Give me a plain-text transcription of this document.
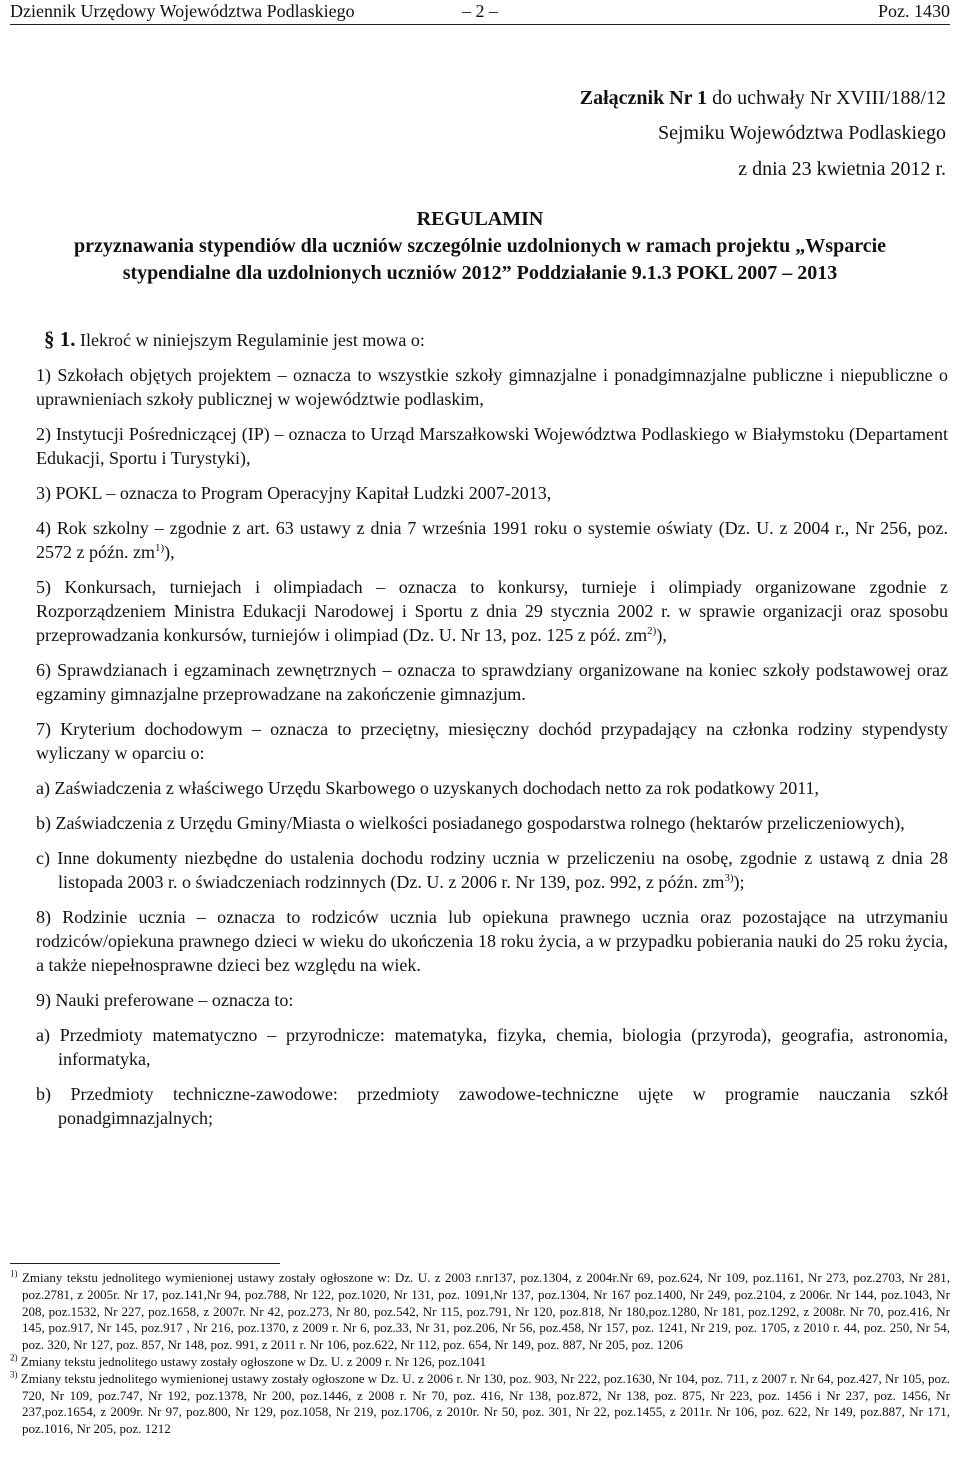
Dziennik Urzędowy Województwa Podlaskiego	– 2 –	Poz. 1430
Załącznik Nr 1 do uchwały Nr XVIII/188/12
Sejmiku Województwa Podlaskiego
z dnia 23 kwietnia 2012 r.
REGULAMIN
przyznawania stypendiów dla uczniów szczególnie uzdolnionych w ramach projektu „Wsparcie
stypendialne dla uzdolnionych uczniów 2012” Poddziałanie 9.1.3 POKL 2007 – 2013

§ 1. Ilekroć w niniejszym Regulaminie jest mowa o:

1) Szkołach objętych projektem – oznacza to wszystkie szkoły gimnazjalne i ponadgimnazjalne publiczne i niepubliczne o uprawnieniach szkoły publicznej w województwie podlaskim,

2) Instytucji Pośredniczącej (IP) – oznacza to Urząd Marszałkowski Województwa Podlaskiego w Białymstoku (Departament Edukacji, Sportu i Turystyki),

3) POKL – oznacza to Program Operacyjny Kapitał Ludzki 2007-2013,

4) Rok szkolny – zgodnie z art. 63 ustawy z dnia 7 września 1991 roku o systemie oświaty (Dz. U. z 2004 r., Nr 256, poz. 2572 z późn. $zm^{1)}$),

5) Konkursach, turniejach i olimpiadach – oznacza to konkursy, turnieje i olimpiady organizowane zgodnie z Rozporządzeniem Ministra Edukacji Narodowej i Sportu z dnia 29 stycznia 2002 r. w sprawie organizacji oraz sposobu przeprowadzania konkursów, turniejów i olimpiad (Dz. U. Nr 13, poz. 125 z póź. $zm^{2)}$),

6) Sprawdzianach i egzaminach zewnętrznych – oznacza to sprawdziany organizowane na koniec szkoły podstawowej oraz egzaminy gimnazjalne przeprowadzane na zakończenie gimnazjum.

7) Kryterium dochodowym – oznacza to przeciętny, miesięczny dochód przypadający na członka rodziny stypendysty wyliczany w oparciu o:

a) Zaświadczenia z właściwego Urzędu Skarbowego o uzyskanych dochodach netto za rok podatkowy 2011,

b) Zaświadczenia z Urzędu Gminy/Miasta o wielkości posiadanego gospodarstwa rolnego (hektarów przeliczeniowych),

c) Inne dokumenty niezbędne do ustalenia dochodu rodziny ucznia w przeliczeniu na osobę, zgodnie z ustawą z dnia 28 listopada 2003 r. o świadczeniach rodzinnych (Dz. U. z 2006 r. Nr 139, poz. 992, z późn. $zm^{3)}$);

8) Rodzinie ucznia – oznacza to rodziców ucznia lub opiekuna prawnego ucznia oraz pozostające na utrzymaniu rodziców/opiekuna prawnego dzieci w wieku do ukończenia 18 roku życia, a w przypadku pobierania nauki do 25 roku życia, a także niepełnosprawne dzieci bez względu na wiek.

9) Nauki preferowane – oznacza to:

a) Przedmioty matematyczno – przyrodnicze: matematyka, fizyka, chemia, biologia (przyroda), geografia, astronomia, informatyka,

b) Przedmioty techniczne-zawodowe: przedmioty zawodowe-techniczne ujęte w programie nauczania szkół ponadgimnazjalnych;

$^{1)}$ Zmiany tekstu jednolitego wymienionej ustawy zostały ogłoszone w: Dz. U. z 2003 r.nr137, poz.1304, z 2004r.Nr 69, poz.624, Nr 109, poz.1161, Nr 273, poz.2703, Nr 281, poz.2781, z 2005r. Nr 17, poz.141,Nr 94, poz.788, Nr 122, poz.1020, Nr 131, poz. 1091,Nr 137, poz.1304, Nr 167 poz.1400, Nr 249, poz.2104, z 2006r. Nr 144, poz.1043, Nr 208, poz.1532, Nr 227, poz.1658, z 2007r. Nr 42, poz.273, Nr 80, poz.542, Nr 115, poz.791, Nr 120, poz.818, Nr 180,poz.1280, Nr 181, poz.1292, z 2008r. Nr 70, poz.416, Nr 145, poz.917, Nr 145, poz.917 , Nr 216, poz.1370, z 2009 r. Nr 6, poz.33, Nr 31, poz.206, Nr 56, poz.458, Nr 157, poz. 1241, Nr 219, poz. 1705, z 2010 r. 44, poz. 250, Nr 54, poz. 320, Nr 127, poz. 857, Nr 148, poz. 991, z 2011 r. Nr 106, poz.622, Nr 112, poz. 654, Nr 149, poz. 887, Nr 205, poz. 1206

$^{2)}$ Zmiany tekstu jednolitego ustawy zostały ogłoszone w Dz. U. z 2009 r. Nr 126, poz.1041

$^{3)}$ Zmiany tekstu jednolitego wymienionej ustawy zostały ogłoszone w Dz. U. z 2006 r. Nr 130, poz. 903, Nr 222, poz.1630, Nr 104, poz. 711, z 2007 r. Nr 64, poz.427, Nr 105, poz. 720, Nr 109, poz.747, Nr 192, poz.1378, Nr 200, poz.1446, z 2008 r. Nr 70, poz. 416, Nr 138, poz.872, Nr 138, poz. 875, Nr 223, poz. 1456 i Nr 237, poz. 1456, Nr 237,poz.1654, z 2009r. Nr 97, poz.800, Nr 129, poz.1058, Nr 219, poz.1706, z 2010r. Nr 50, poz. 301, Nr 22, poz.1455, z 2011r. Nr 106, poz. 622, Nr 149, poz.887, Nr 171, poz.1016, Nr 205, poz. 1212
